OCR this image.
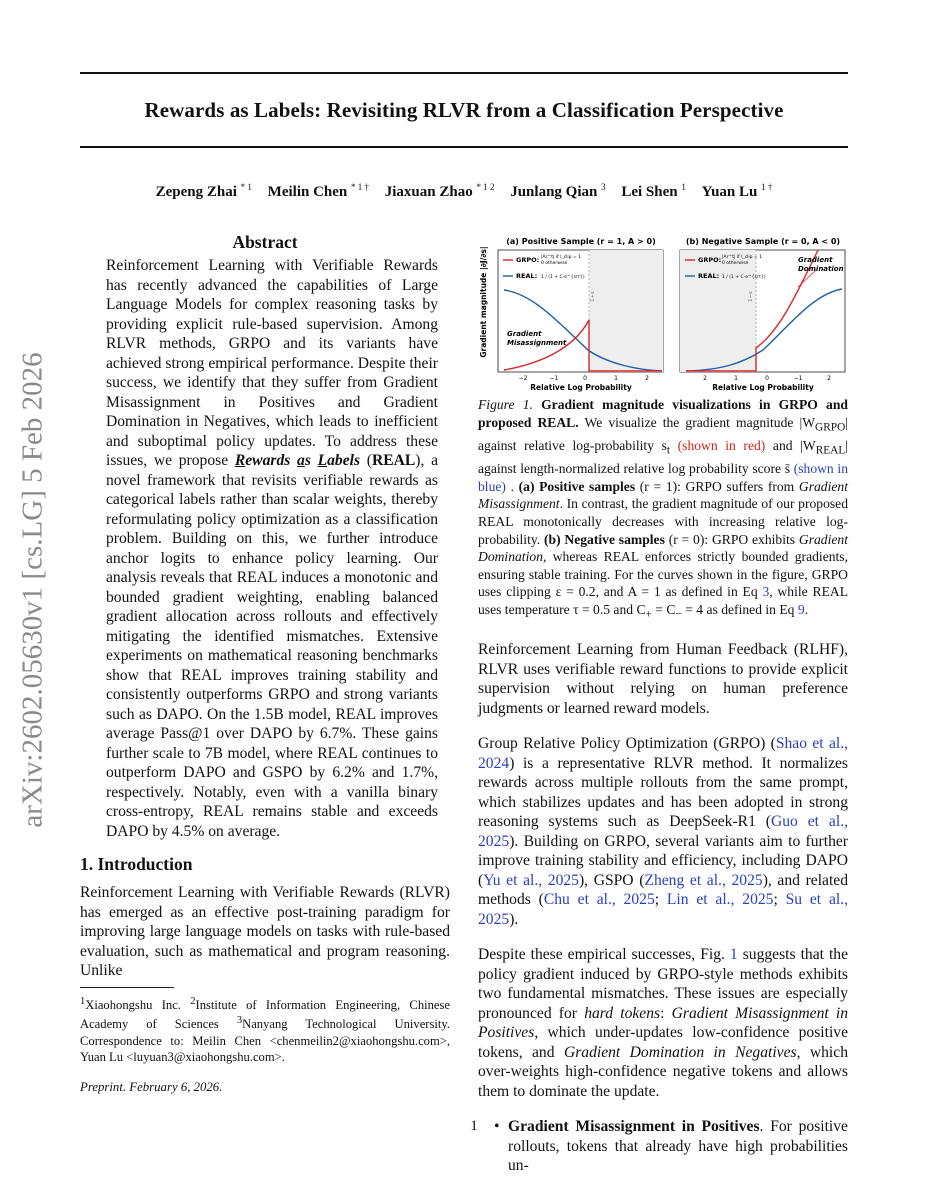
Rewards as Labels: Revisiting RLVR from a Classification Perspective
Zepeng Zhai $^{* 1}$ Meilin Chen $^{* 1 \dagger}$ Jiaxuan Zhao $^{* 1 2}$ Junlang Qian $^3$ Lei Shen $^1$ Yuan Lu $^{1 \dagger}$
arXiv:2602.05630v1 [cs.LG] 5 Feb 2026
Abstract

Reinforcement Learning with Verifiable Rewards has recently advanced the capabilities of Large Language Models for complex reasoning tasks by providing explicit rule-based supervision. Among RLVR methods, GRPO and its variants have achieved strong empirical performance. Despite their success, we identify that they suffer from Gradient Misassignment in Positives and Gradient Domination in Negatives, which leads to inefficient and suboptimal policy updates. To address these issues, we propose Rewards as Labels (REAL), a novel framework that revisits verifiable rewards as categorical labels rather than scalar weights, thereby reformulating policy optimization as a classification problem. Building on this, we further introduce anchor logits to enhance policy learning. Our analysis reveals that REAL induces a monotonic and bounded gradient weighting, enabling balanced gradient allocation across rollouts and effectively mitigating the identified mismatches. Extensive experiments on mathematical reasoning benchmarks show that REAL improves training stability and consistently outperforms GRPO and strong variants such as DAPO. On the 1.5B model, REAL improves average Pass@1 over DAPO by 6.7%. These gains further scale to 7B model, where REAL continues to outperform DAPO and GSPO by 6.2% and 1.7%, respectively. Notably, even with a vanilla binary cross-entropy, REAL remains stable and exceeds DAPO by 4.5% on average.

1. Introduction

Reinforcement Learning with Verifiable Rewards (RLVR) has emerged as an effective post-training paradigm for improving large language models on tasks with rule-based evaluation, such as mathematical and program reasoning. Unlike

$^1$Xiaohongshu Inc. $^2$Institute of Information Engineering, Chinese Academy of Sciences $^3$Nanyang Technological University. Correspondence to: Meilin Chen <chenmeilin2@xiaohongshu.com>, Yuan Lu <luyuan3@xiaohongshu.com>.
Preprint. February 6, 2026.
Gradient magnitude |∂J/∂s|
(a) Positive Sample (r = 1, A > 0)
1+ε
Gradient
Misassignment
GRPO: |Ar^t| if l_clip = 1
0 otherwise
REAL: 1 / (1 + C·e^{s/τ})
−2	−1	0	1	2
Relative Log Probability
(b) Negative Sample (r = 0, A < 0)
1−ε
Gradient
Domination
GRPO: |Ar^t| if l_clip = 1
0 otherwise
REAL: 1 / (1 + C·e^{s/τ})
2	1	0	−1	2
Relative Log Probability
Figure 1. Gradient magnitude visualizations in GRPO and proposed REAL. We visualize the gradient magnitude $|W_{GRPO}|$ against relative log-probability $s_t$ (shown in red) and $|W_{REAL}|$ against length-normalized relative log probability score s̄ (shown in blue) . (a) Positive samples (r = 1): GRPO suffers from Gradient Misassignment. In contrast, the gradient magnitude of our proposed REAL monotonically decreases with increasing relative log-probability. (b) Negative samples (r = 0): GRPO exhibits Gradient Domination, whereas REAL enforces strictly bounded gradients, ensuring stable training. For the curves shown in the figure, GRPO uses clipping ε = 0.2, and A = 1 as defined in Eq 3, while REAL uses temperature τ = 0.5 and $C_+ = C_- = 4$ as defined in Eq 9.

Reinforcement Learning from Human Feedback (RLHF), RLVR uses verifiable reward functions to provide explicit supervision without relying on human preference judgments or learned reward models.

Group Relative Policy Optimization (GRPO) (Shao et al., 2024) is a representative RLVR method. It normalizes rewards across multiple rollouts from the same prompt, which stabilizes updates and has been adopted in strong reasoning systems such as DeepSeek-R1 (Guo et al., 2025). Building on GRPO, several variants aim to further improve training stability and efficiency, including DAPO (Yu et al., 2025), GSPO (Zheng et al., 2025), and related methods (Chu et al., 2025; Lin et al., 2025; Su et al., 2025).

Despite these empirical successes, Fig. 1 suggests that the policy gradient induced by GRPO-style methods exhibits two fundamental mismatches. These issues are especially pronounced for hard tokens: Gradient Misassignment in Positives, which under-updates low-confidence positive tokens, and Gradient Domination in Negatives, which over-weights high-confidence negative tokens and allows them to dominate the update.

• Gradient Misassignment in Positives. For positive rollouts, tokens that already have high probabilities un-
1
